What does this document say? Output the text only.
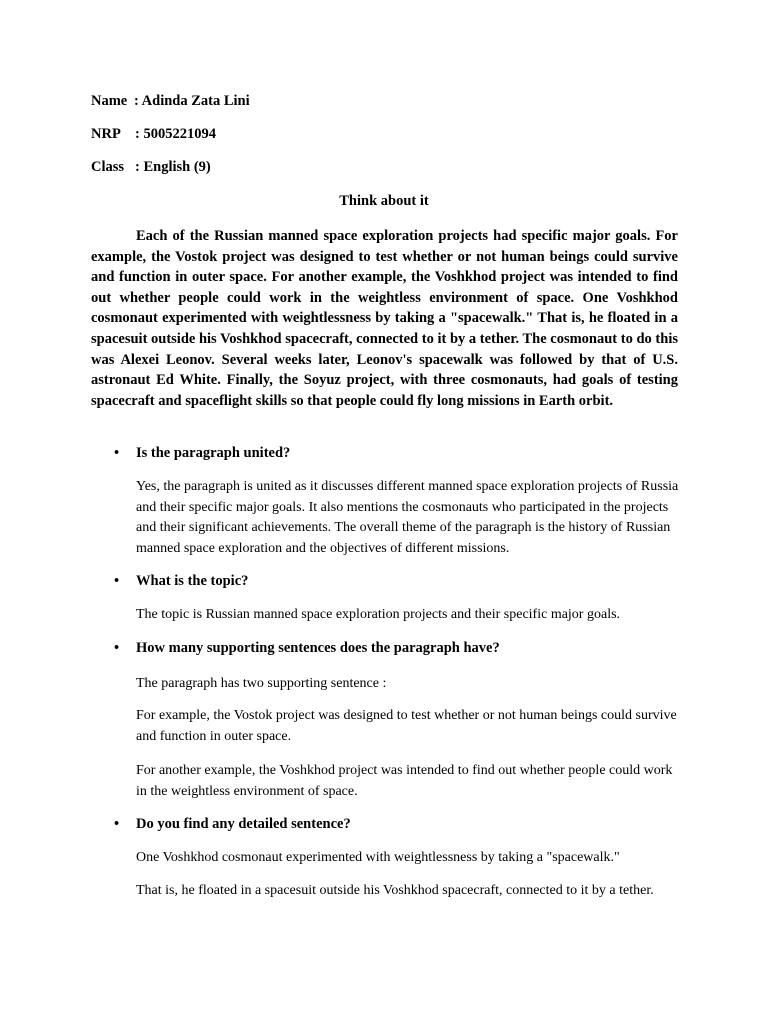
Name : Adinda Zata Lini
NRP : 5005221094
Class : English (9)
Think about it

Each of the Russian manned space exploration projects had specific major goals. For example, the Vostok project was designed to test whether or not human beings could survive and function in outer space. For another example, the Voshkhod project was intended to find out whether people could work in the weightless environment of space. One Voshkhod cosmonaut experimented with weightlessness by taking a "spacewalk." That is, he floated in a spacesuit outside his Voshkhod spacecraft, connected to it by a tether. The cosmonaut to do this was Alexei Leonov. Several weeks later, Leonov's spacewalk was followed by that of U.S. astronaut Ed White. Finally, the Soyuz project, with three cosmonauts, had goals of testing spacecraft and spaceflight skills so that people could fly long missions in Earth orbit.

• Is the paragraph united?

Yes, the paragraph is united as it discusses different manned space exploration projects of Russia and their specific major goals. It also mentions the cosmonauts who participated in the projects and their significant achievements. The overall theme of the paragraph is the history of Russian manned space exploration and the objectives of different missions.

• What is the topic?

The topic is Russian manned space exploration projects and their specific major goals.

• How many supporting sentences does the paragraph have?

The paragraph has two supporting sentence :

For example, the Vostok project was designed to test whether or not human beings could survive and function in outer space.

For another example, the Voshkhod project was intended to find out whether people could work in the weightless environment of space.

• Do you find any detailed sentence?

One Voshkhod cosmonaut experimented with weightlessness by taking a "spacewalk."

That is, he floated in a spacesuit outside his Voshkhod spacecraft, connected to it by a tether.
